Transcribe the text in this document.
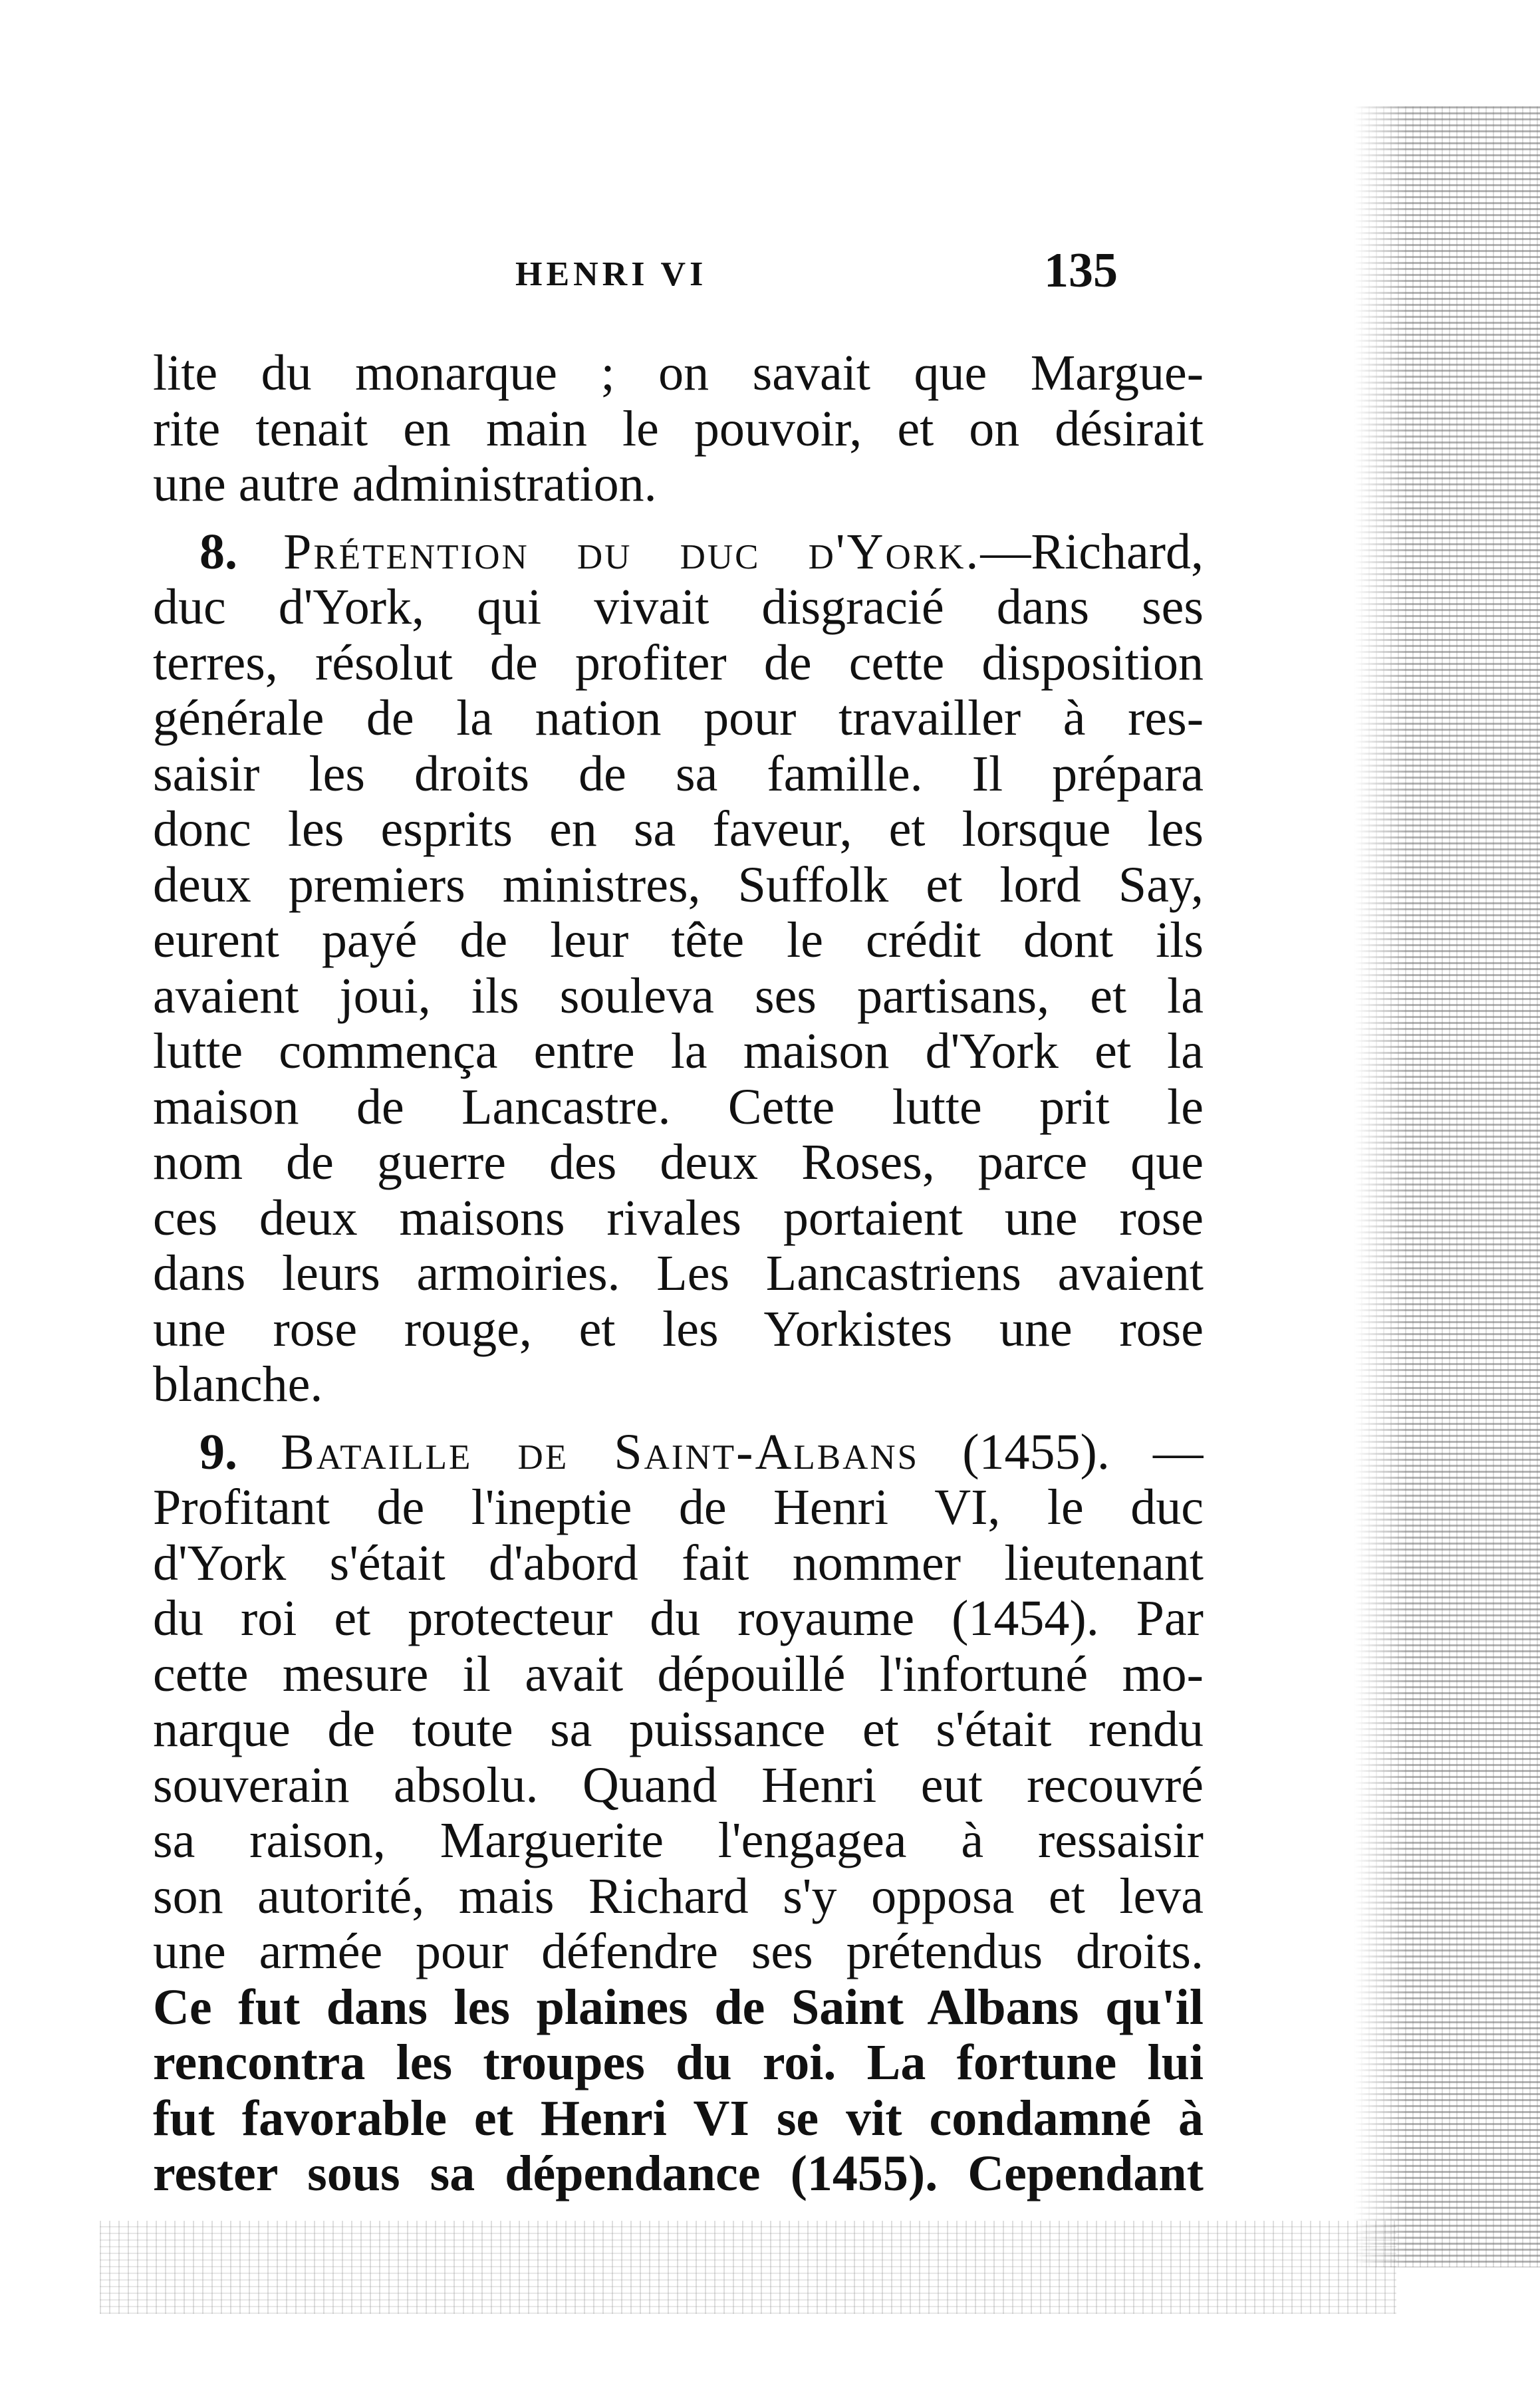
HENRI VI	135
lite du monarque ; on savait que Margue-
rite tenait en main le pouvoir, et on désirait
une autre administration.
8. Prétention du duc d'York.—Richard,
duc d'York, qui vivait disgracié dans ses
terres, résolut de profiter de cette disposition
générale de la nation pour travailler à res-
saisir les droits de sa famille. Il prépara
donc les esprits en sa faveur, et lorsque les
deux premiers ministres, Suffolk et lord Say,
eurent payé de leur tête le crédit dont ils
avaient joui, ils souleva ses partisans, et la
lutte commença entre la maison d'York et la
maison de Lancastre. Cette lutte prit le
nom de guerre des deux Roses, parce que
ces deux maisons rivales portaient une rose
dans leurs armoiries. Les Lancastriens avaient
une rose rouge, et les Yorkistes une rose
blanche.
9. Bataille de Saint-Albans (1455). —
Profitant de l'ineptie de Henri VI, le duc
d'York s'était d'abord fait nommer lieutenant
du roi et protecteur du royaume (1454). Par
cette mesure il avait dépouillé l'infortuné mo-
narque de toute sa puissance et s'était rendu
souverain absolu. Quand Henri eut recouvré
sa raison, Marguerite l'engagea à ressaisir
son autorité, mais Richard s'y opposa et leva
une armée pour défendre ses prétendus droits.
Ce fut dans les plaines de Saint Albans qu'il
rencontra les troupes du roi. La fortune lui
fut favorable et Henri VI se vit condamné à
rester sous sa dépendance (1455). Cependant
